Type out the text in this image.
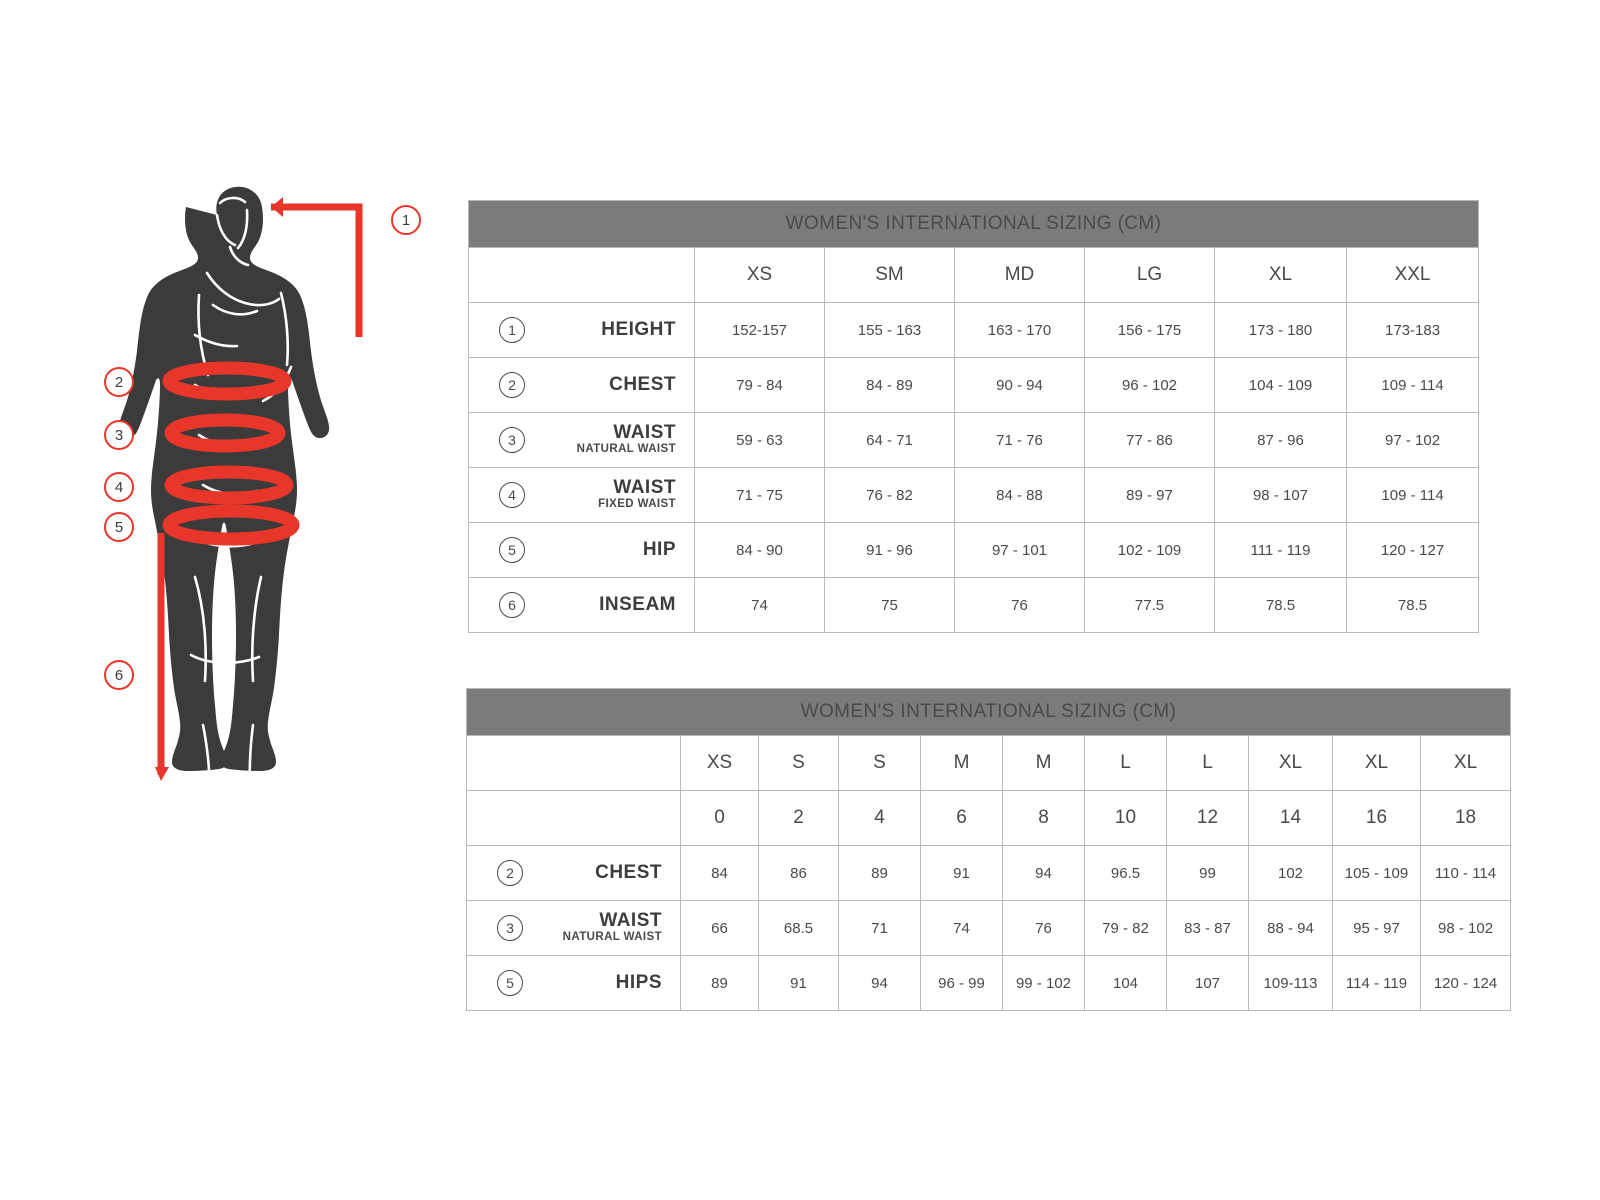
1
2
3
4
5
6
WOMEN'S INTERNATIONAL SIZING (CM)						
	XS	SM	MD	LG	XL	XXL

1 HEIGHT	152-157	155 - 163	163 - 170	156 - 175	173 - 180	173-183

2 CHEST	79 - 84	84 - 89	90 - 94	96 - 102	104 - 109	109 - 114

3 WAIST
NATURAL WAIST	59 - 63	64 - 71	71 - 76	77 - 86	87 - 96	97 - 102

4 WAIST
FIXED WAIST	71 - 75	76 - 82	84 - 88	89 - 97	98 - 107	109 - 114

5 HIP	84 - 90	91 - 96	97 - 101	102 - 109	111 - 119	120 - 127

6 INSEAM	74	75	76	77.5	78.5	78.5
WOMEN'S INTERNATIONAL SIZING (CM)										
	XS	S	S	M	M	L	L	XL	XL	XL
	0	2	4	6	8	10	12	14	16	18

2 CHEST	84	86	89	91	94	96.5	99	102	105 - 109	110 - 114

3 WAIST
NATURAL WAIST	66	68.5	71	74	76	79 - 82	83 - 87	88 - 94	95 - 97	98 - 102

5 HIPS	89	91	94	96 - 99	99 - 102	104	107	109-113	114 - 119	120 - 124
